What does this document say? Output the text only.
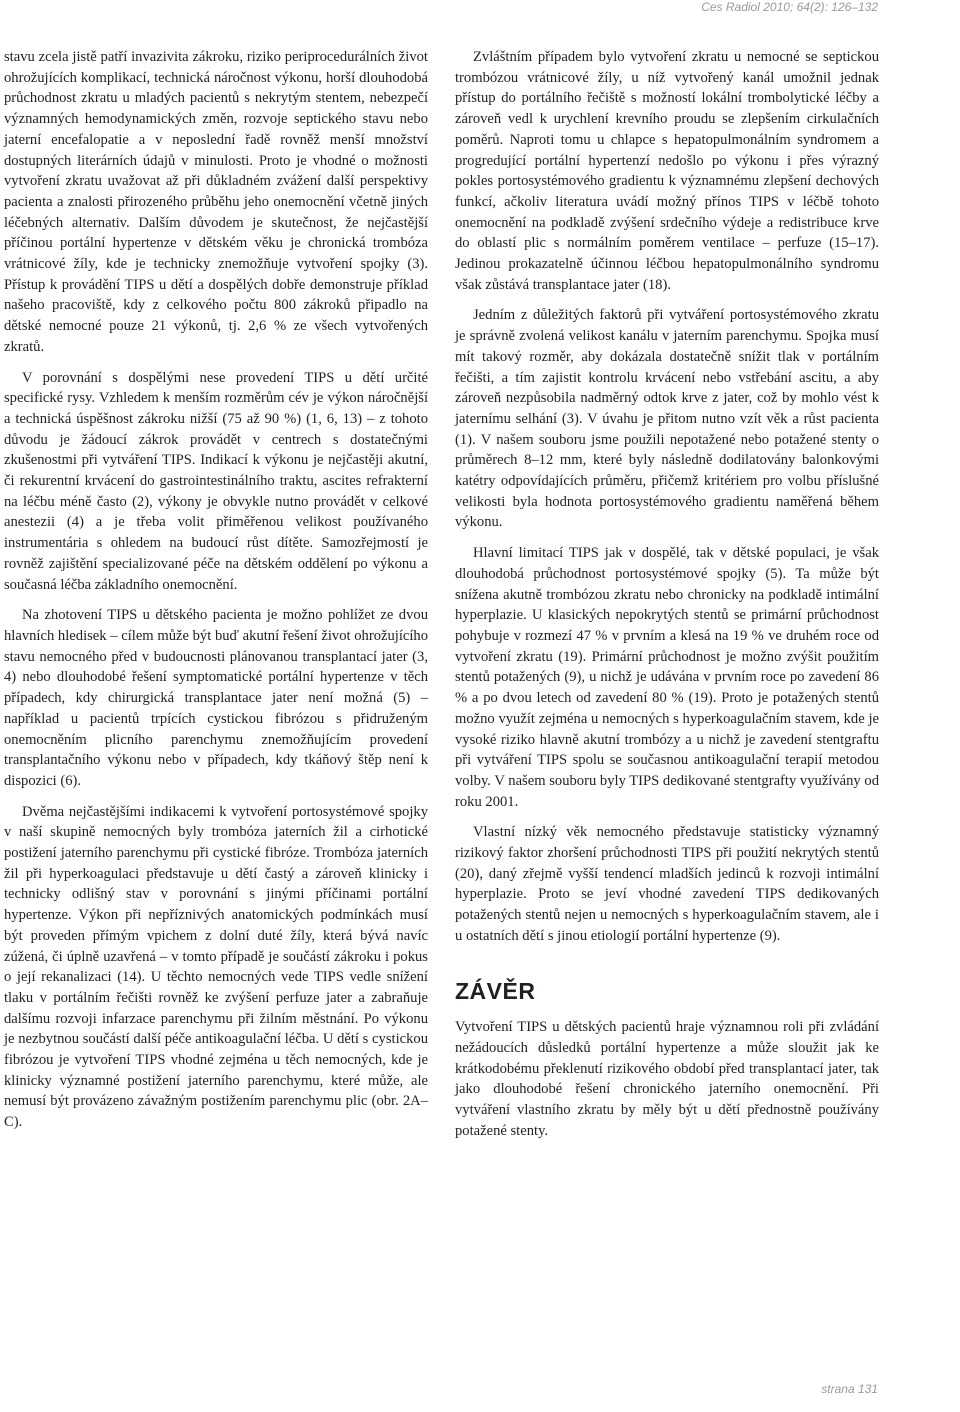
Ces Radiol 2010; 64(2): 126–132

stavu zcela jistě patří invazivita zákroku, riziko periprocedurálních život ohrožujících komplikací, technická náročnost výkonu, horší dlouhodobá průchodnost zkratu u mladých pacientů s nekrytým stentem, nebezpečí významných hemodynamických změn, rozvoje septického stavu nebo jaterní encefalopatie a v neposlední řadě rovněž menší množství dostupných literárních údajů v minulosti. Proto je vhodné o možnosti vytvoření zkratu uvažovat až při důkladném zvážení další perspektivy pacienta a znalosti přirozeného průběhu jeho onemocnění včetně jiných léčebných alternativ. Dalším důvodem je skutečnost, že nejčastější příčinou portální hypertenze v dětském věku je chronická trombóza vrátnicové žíly, kde je technicky znemožňuje vytvoření spojky (3). Přístup k provádění TIPS u dětí a dospělých dobře demonstruje příklad našeho pracoviště, kdy z celkového počtu 800 zákroků připadlo na dětské nemocné pouze 21 výkonů, tj. 2,6 % ze všech vytvořených zkratů.

V porovnání s dospělými nese provedení TIPS u dětí určité specifické rysy. Vzhledem k menším rozměrům cév je výkon náročnější a technická úspěšnost zákroku nižší (75 až 90 %) (1, 6, 13) – z tohoto důvodu je žádoucí zákrok provádět v centrech s dostatečnými zkušenostmi při vytváření TIPS. Indikací k výkonu je nejčastěji akutní, či rekurentní krvácení do gastrointestinálního traktu, ascites refrakterní na léčbu méně často (2), výkony je obvykle nutno provádět v celkové anestezii (4) a je třeba volit přiměřenou velikost používaného instrumentária s ohledem na budoucí růst dítěte. Samozřejmostí je rovněž zajištění specializované péče na dětském oddělení po výkonu a současná léčba základního onemocnění.

Na zhotovení TIPS u dětského pacienta je možno pohlížet ze dvou hlavních hledisek – cílem může být buď akutní řešení život ohrožujícího stavu nemocného před v budoucnosti plánovanou transplantací jater (3, 4) nebo dlouhodobé řešení symptomatické portální hypertenze v těch případech, kdy chirurgická transplantace jater není možná (5) – například u pacientů trpících cystickou fibrózou s přidruženým onemocněním plicního parenchymu znemožňujícím provedení transplantačního výkonu nebo v případech, kdy tkáňový štěp není k dispozici (6).

Dvěma nejčastějšími indikacemi k vytvoření portosystémové spojky v naší skupině nemocných byly trombóza jaterních žil a cirhotické postižení jaterního parenchymu při cystické fibróze. Trombóza jaterních žil při hyperkoagulaci představuje u dětí častý a zároveň klinicky i technicky odlišný stav v porovnání s jinými příčinami portální hypertenze. Výkon při nepříznivých anatomických podmínkách musí být proveden přímým vpichem z dolní duté žíly, která bývá navíc zúžená, či úplně uzavřená – v tomto případě je součástí zákroku i pokus o její rekanalizaci (14). U těchto nemocných vede TIPS vedle snížení tlaku v portálním řečišti rovněž ke zvýšení perfuze jater a zabraňuje dalšímu rozvoji infarzace parenchymu při žilním městnání. Po výkonu je nezbytnou součástí další péče antikoagulační léčba. U dětí s cystickou fibrózou je vytvoření TIPS vhodné zejména u těch nemocných, kde je klinicky významné postižení jaterního parenchymu, které může, ale nemusí být provázeno závažným postižením parenchymu plic (obr. 2A–C).

Zvláštním případem bylo vytvoření zkratu u nemocné se septickou trombózou vrátnicové žíly, u níž vytvořený kanál umožnil jednak přístup do portálního řečiště s možností lokální trombolytické léčby a zároveň vedl k urychlení krevního proudu se zlepšením cirkulačních poměrů. Naproti tomu u chlapce s hepatopulmonálním syndromem a progredující portální hypertenzí nedošlo po výkonu i přes výrazný pokles portosystémového gradientu k významnému zlepšení dechových funkcí, ačkoliv literatura uvádí možný přínos TIPS v léčbě tohoto onemocnění na podkladě zvýšení srdečního výdeje a redistribuce krve do oblastí plic s normálním poměrem ventilace – perfuze (15–17). Jedinou prokazatelně účinnou léčbou hepatopulmonálního syndromu však zůstává transplantace jater (18).

Jedním z důležitých faktorů při vytváření portosystémového zkratu je správně zvolená velikost kanálu v jaterním parenchymu. Spojka musí mít takový rozměr, aby dokázala dostatečně snížit tlak v portálním řečišti, a tím zajistit kontrolu krvácení nebo vstřebání ascitu, a aby zároveň nezpůsobila nadměrný odtok krve z jater, což by mohlo vést k jaternímu selhání (3). V úvahu je přitom nutno vzít věk a růst pacienta (1). V našem souboru jsme použili nepotažené nebo potažené stenty o průměrech 8–12 mm, které byly následně dodilatovány balonkovými katétry odpovídajících průměru, přičemž kritériem pro volbu příslušné velikosti byla hodnota portosystémového gradientu naměřená během výkonu.

Hlavní limitací TIPS jak v dospělé, tak v dětské populaci, je však dlouhodobá průchodnost portosystémové spojky (5). Ta může být snížena akutně trombózou zkratu nebo chronicky na podkladě intimální hyperplazie. U klasických nepokrytých stentů se primární průchodnost pohybuje v rozmezí 47 % v prvním a klesá na 19 % ve druhém roce od vytvoření zkratu (19). Primární průchodnost je možno zvýšit použitím stentů potažených (9), u nichž je udávána v prvním roce po zavedení 86 % a po dvou letech od zavedení 80 % (19). Proto je potažených stentů možno využít zejména u nemocných s hyperkoagulačním stavem, kde je vysoké riziko hlavně akutní trombózy a u nichž je zavedení stentgraftu při vytváření TIPS spolu se současnou antikoagulační terapií metodou volby. V našem souboru byly TIPS dedikované stentgrafty využívány od roku 2001.

Vlastní nízký věk nemocného představuje statisticky významný rizikový faktor zhoršení průchodnosti TIPS při použití nekrytých stentů (20), daný zřejmě vyšší tendencí mladších jedinců k rozvoji intimální hyperplazie. Proto se jeví vhodné zavedení TIPS dedikovaných potažených stentů nejen u nemocných s hyperkoagulačním stavem, ale i u ostatních dětí s jinou etiologií portální hypertenze (9).

ZÁVĚR

Vytvoření TIPS u dětských pacientů hraje významnou roli při zvládání nežádoucích důsledků portální hypertenze a může sloužit jak ke krátkodobému překlenutí rizikového období před transplantací jater, tak jako dlouhodobé řešení chronického jaterního onemocnění. Při vytváření vlastního zkratu by měly být u dětí přednostně používány potažené stenty.

strana 131
